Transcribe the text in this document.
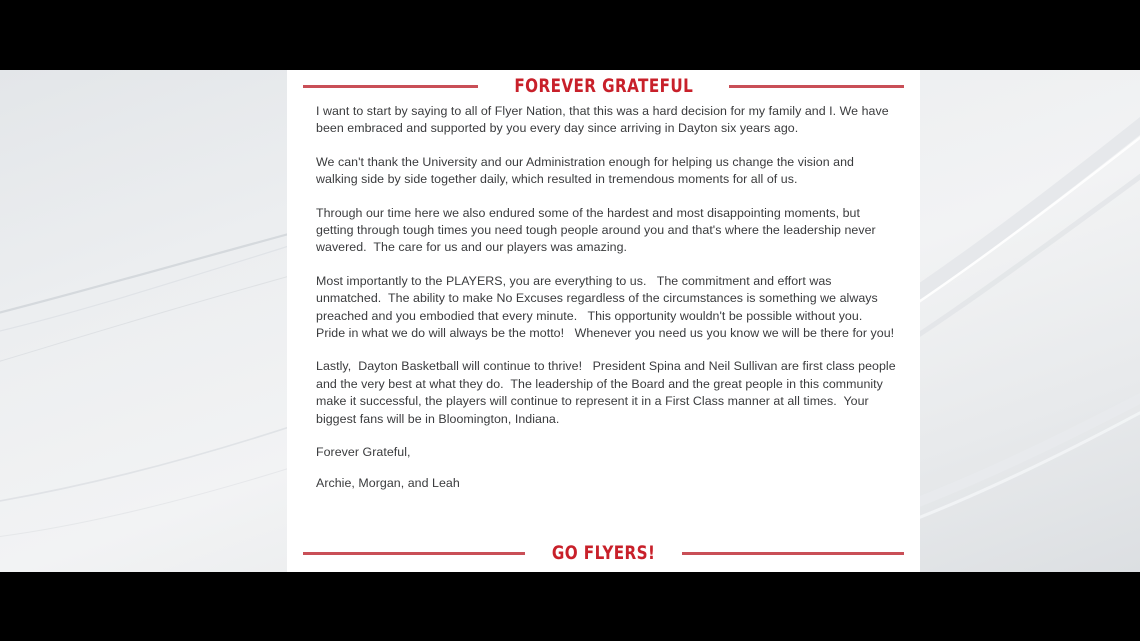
FOREVER GRATEFUL

I want to start by saying to all of Flyer Nation, that this was a hard decision for my family and I. We have been embraced and supported by you every day since arriving in Dayton six years ago.

We can't thank the University and our Administration enough for helping us change the vision and walking side by side together daily, which resulted in tremendous moments for all of us.

Through our time here we also endured some of the hardest and most disappointing moments, but getting through tough times you need tough people around you and that's where the leadership never wavered.  The care for us and our players was amazing.

Most importantly to the PLAYERS, you are everything to us.   The commitment and effort was unmatched.  The ability to make No Excuses regardless of the circumstances is something we always preached and you embodied that every minute.   This opportunity wouldn't be possible without you.   Pride in what we do will always be the motto!   Whenever you need us you know we will be there for you!

Lastly,  Dayton Basketball will continue to thrive!   President Spina and Neil Sullivan are first class people and the very best at what they do.  The leadership of the Board and the great people in this community make it successful, the players will continue to represent it in a First Class manner at all times.  Your biggest fans will be in Bloomington, Indiana.

Forever Grateful,

Archie, Morgan, and Leah

GO FLYERS!
